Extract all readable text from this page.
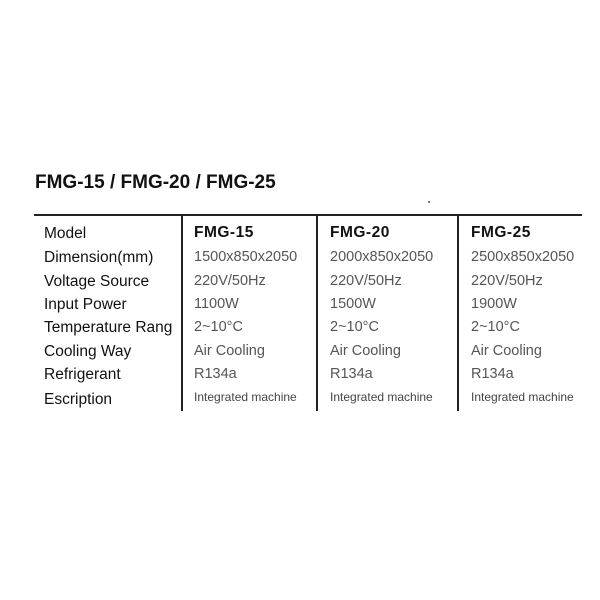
FMG-15 / FMG-20 / FMG-25
Model
Dimension(mm)
Voltage Source
Input Power
Temperature Rang
Cooling Way
Refrigerant
Escription
FMG-15
1500x850x2050
220V/50Hz
1100W
2~10°C
Air Cooling
R134a
Integrated machine
FMG-20
2000x850x2050
220V/50Hz
1500W
2~10°C
Air Cooling
R134a
Integrated machine
FMG-25
2500x850x2050
220V/50Hz
1900W
2~10°C
Air Cooling
R134a
Integrated machine
